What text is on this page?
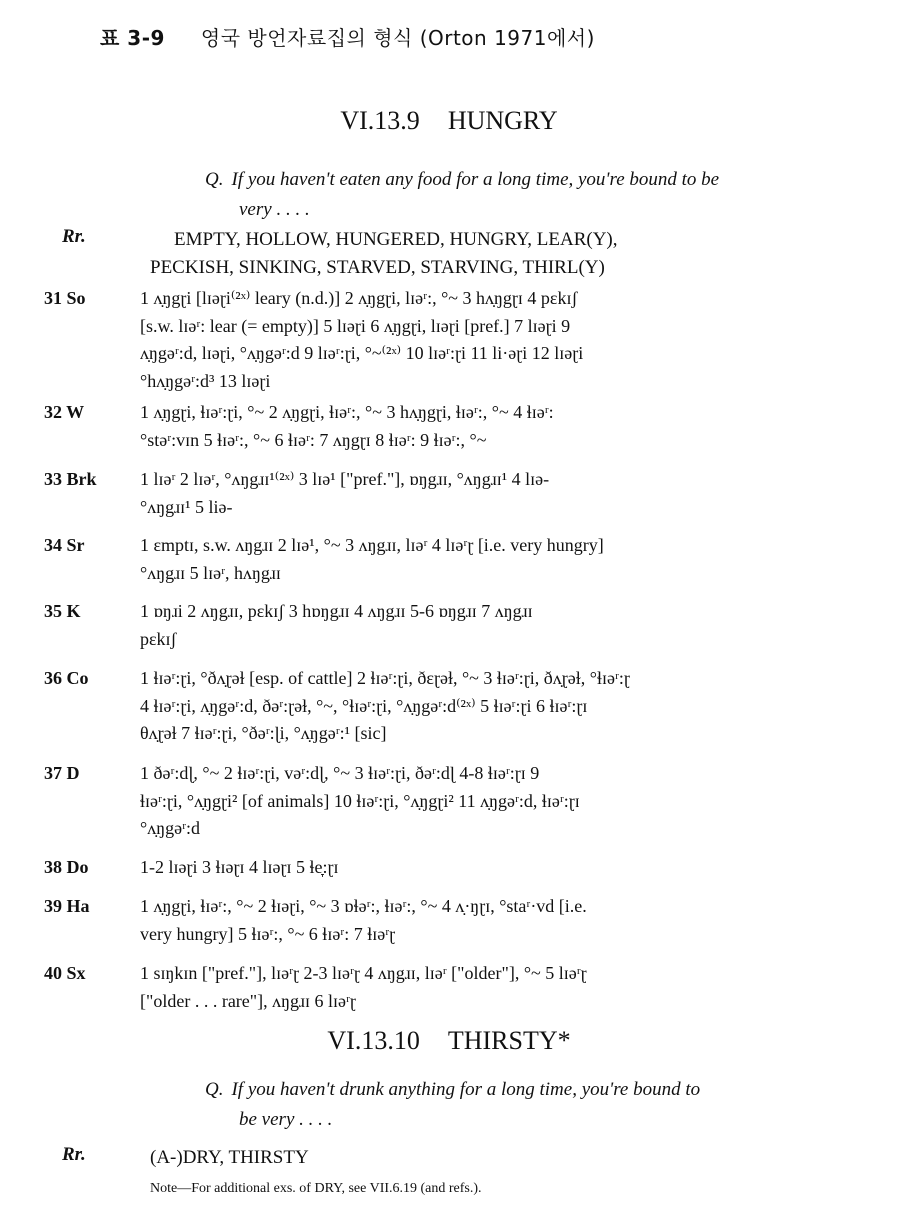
표 3-9 영국 방언자료집의 형식 (Orton 1971에서)
VI.13.9 HUNGRY
Q. If you haven't eaten any food for a long time, you're bound to be
very . . . .
Rr.	EMPTY, HOLLOW, HUNGERED, HUNGRY, LEAR(Y),
PECKISH, SINKING, STARVED, STARVING, THIRL(Y)
31 So	1 ʌ̣ŋgɽi [lɪəɽi⁽²ˣ⁾ leary (n.d.)] 2 ʌ̣ŋgɽi, lɪəʳ:, °~ 3 hʌ̣ŋgɽɪ 4 pɛkɪʃ
[s.w. lɪəʳ: lear (= empty)] 5 lɪəɽi 6 ʌ̣ŋgɽi, lɪəɽi [pref.] 7 lɪəɽi 9
ʌ̣ŋgəʳ:d, lɪəɽi, °ʌ̣ŋgəʳ:d 9 lɪəʳ:ɽi, °~⁽²ˣ⁾ 10 lɪəʳ:ɽi 11 li·əɽi 12 lɪəɽi
°hʌ̣ŋgəʳ:d³ 13 lɪəɽi
32 W	1 ʌ̣ŋgɽi, ɬɪəʳ:ɽi, °~ 2 ʌ̣ŋgɽi, ɬɪəʳ:, °~ 3 hʌ̣ŋgɽi, ɬɪəʳ:, °~ 4 ɬɪəʳ:
°stəʳ:vɪn 5 ɬɪəʳ:, °~ 6 ɬɪəʳ: 7 ʌŋgɽɪ 8 ɬɪəʳ: 9 ɬɪəʳ:, °~
33 Brk 1 lɪəʳ 2 lɪəʳ, °ʌŋgɹɪ¹⁽²ˣ⁾ 3 lɪə¹ ["pref."], ɒŋgɹɪ, °ʌŋgɹɪ¹ 4 lɪə-
°ʌŋgɹɪ¹ 5 liə-
34 Sr	1 ɛmptɪ, s.w. ʌŋgɹɪ 2 lɪə¹, °~ 3 ʌŋgɹɪ, lɪəʳ 4 lɪəʳɽ [i.e. very hungry]
°ʌŋgɹɪ 5 lɪəʳ, hʌŋgɹɪ
35 K	1 ɒŋɹi 2 ʌŋgɹɪ, pɛkɪʃ 3 hɒŋgɹɪ 4 ʌŋgɹɪ 5-6 ɒŋgɹɪ 7 ʌŋgɹɪ
pɛkɪʃ
36 Co	1 ɬɪəʳ:ɽi, °ðʌ̣ɽəɫ [esp. of cattle] 2 ɬɪəʳ:ɽi, ðɛɽəɫ, °~ 3 ɬɪəʳ:ɽi, ðʌ̣ɽəɫ, °ɬɪəʳ:ɽ
4 ɬɪəʳ:ɽi, ʌ̣ŋgəʳ:d, ðəʳ:ɽəɫ, °~, °ɬɪəʳ:ɽi, °ʌ̣ŋgəʳ:d⁽²ˣ⁾ 5 ɬɪəʳ:ɽi 6 ɬɪəʳ:ɽɪ
θʌ̣ɽəɫ 7 ɬɪəʳ:ɽi, °ðəʳ:ɭi, °ʌ̣ŋgəʳ:¹ [sic]
37 D	1 ðəʳ:dɭ, °~ 2 ɬɪəʳ:ɽi, vəʳ:dɭ, °~ 3 ɬɪəʳ:ɽi, ðəʳ:dɭ 4-8 ɬɪəʳ:ɽɪ 9
ɬɪəʳ:ɽi, °ʌ̣ŋgɽi² [of animals] 10 ɬɪəʳ:ɽi, °ʌ̣ŋgɽi² 11 ʌ̣ŋgəʳ:d, ɬɪəʳ:ɽɪ
°ʌ̣ŋgəʳ:d
38 Do	1-2 lɪəɽi 3 ɬɪəɽɪ 4 lɪəɽɪ 5 ɬe̞:ɽɪ
39 Ha	1 ʌ̣ŋgɽi, ɬɪəʳ:, °~ 2 ɬɪəɽi, °~ 3 ɒɬəʳ:, ɬɪəʳ:, °~ 4 ʌ̣·ŋɽɪ, °staʳ·vd [i.e.
very hungry] 5 ɬɪəʳ:, °~ 6 ɬɪəʳ: 7 ɬɪəʳɽ
40 Sx	1 sɪŋkɪn ["pref."], lɪəʳɽ 2-3 lɪəʳɽ 4 ʌŋgɹɪ, lɪəʳ ["older"], °~ 5 lɪəʳɽ
["older . . . rare"], ʌŋgɹɪ 6 lɪəʳɽ
VI.13.10 THIRSTY*
Q. If you haven't drunk anything for a long time, you're bound to
be very . . . .
Rr.	(A-)DRY, THIRSTY
Note—For additional exs. of DRY, see VII.6.19 (and refs.).
